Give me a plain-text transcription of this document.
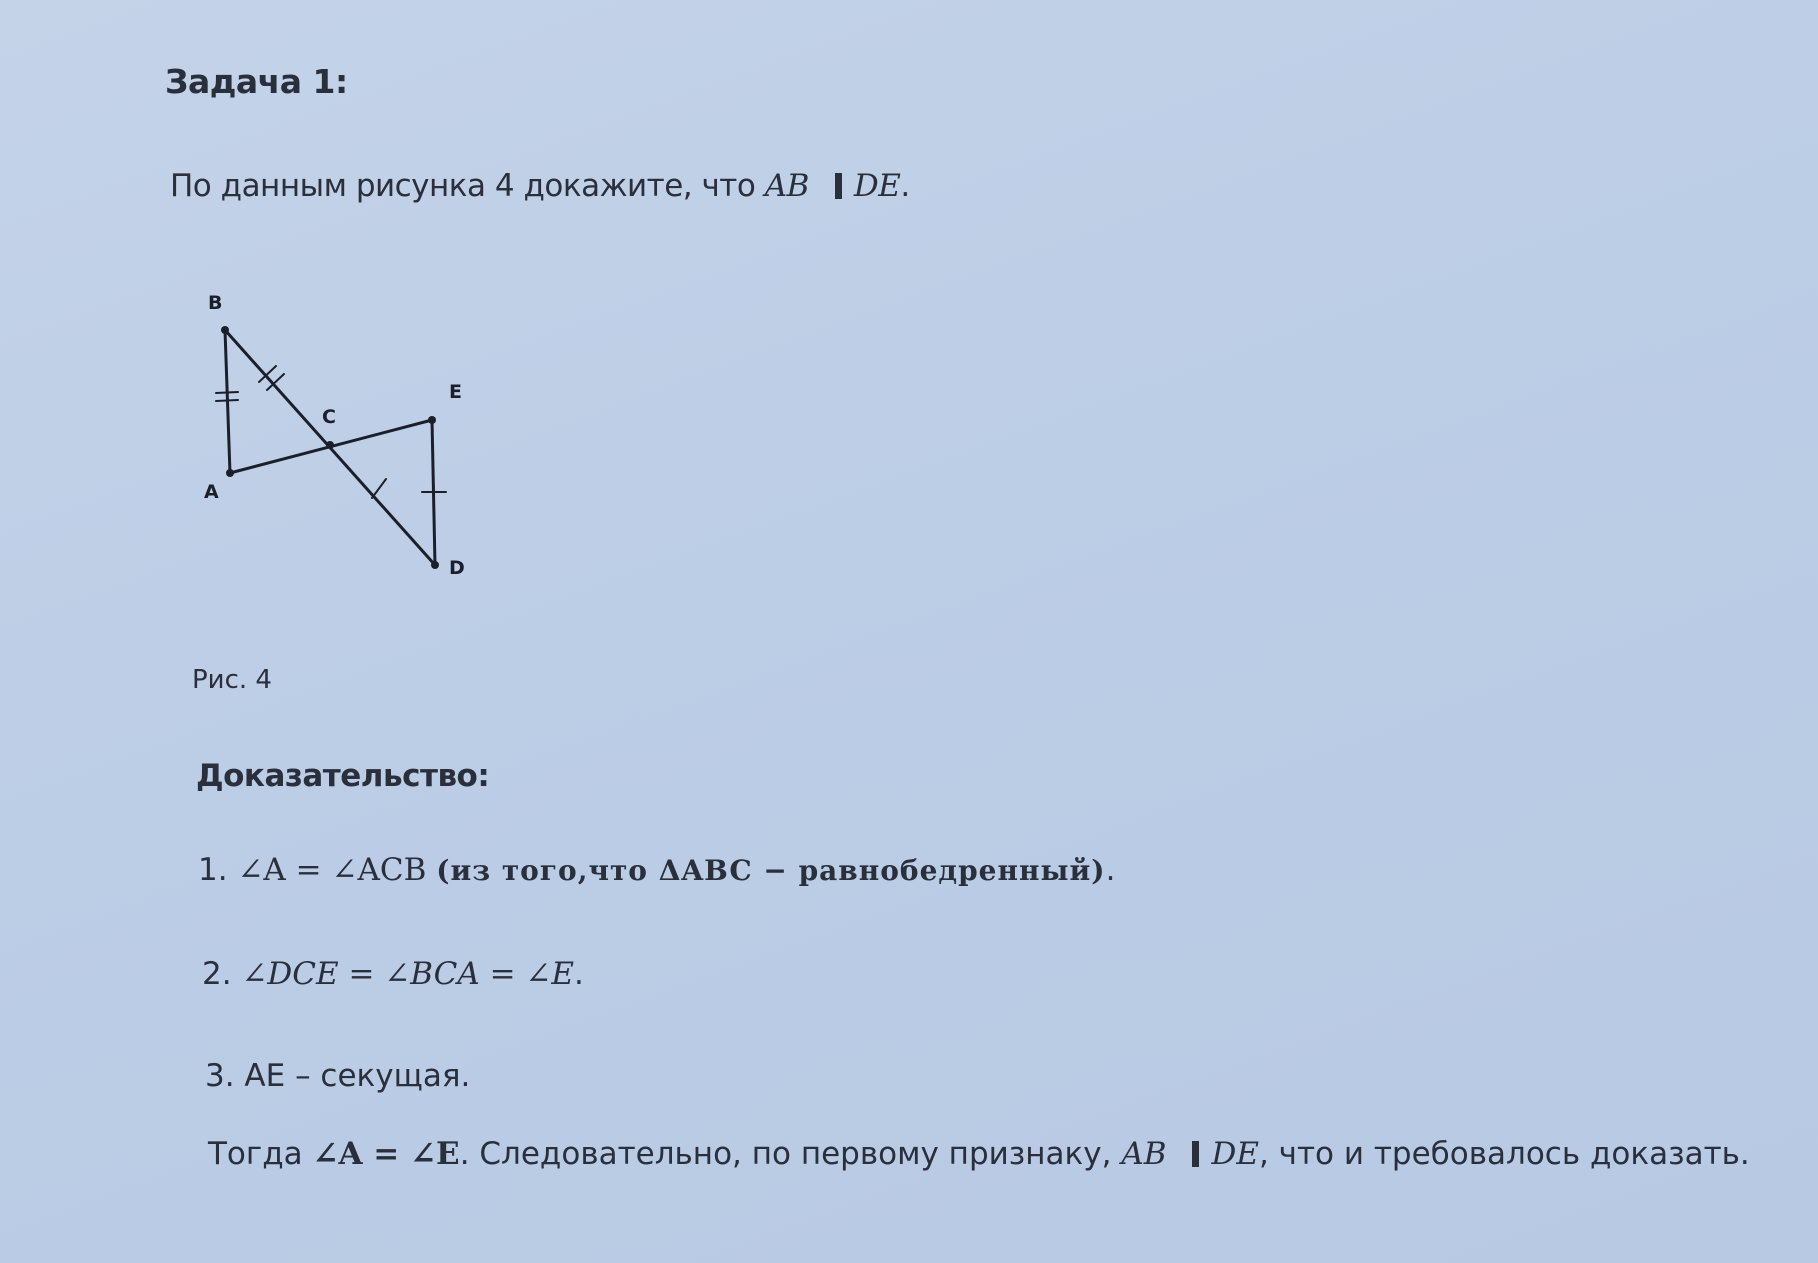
Задача 1:
По данным рисунка 4 докажите, что AB DE.
B
C
E
A
D
Рис. 4
Доказательство:
1. ∠A = ∠ACB (из того,что ΔABC − равнобедренный).
2. ∠DCE = ∠BCA = ∠E.
3. AE – секущая.
Тогда ∠A = ∠E. Следовательно, по первому признаку, AB DE, что и требовалось доказать.
